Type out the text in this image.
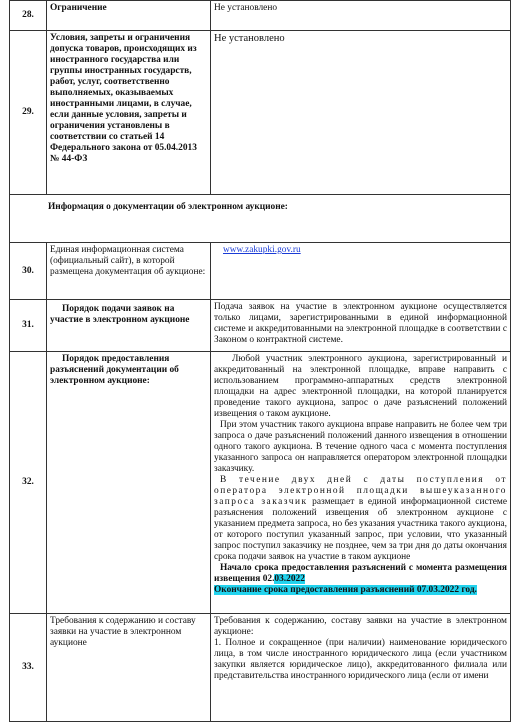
28.	Ограничение	Не установлено
29.	Условия, запреты и ограничения допуска товаров, происходящих из иностранного государства или группы иностранных государств, работ, услуг, соответственно выполняемых, оказываемых иностранными лицами, в случае, если данные условия, запреты и ограничения установлены в соответствии со статьей 14 Федерального закона от 05.04.2013 № 44-ФЗ	Не установлено
Информация о документации об электронном аукционе:		
30.	Единая информационная система (официальный сайт), в которой размещена документация об аукционе:	www.zakupki.gov.ru
31.	Порядок подачи заявок на участие в электронном аукционе	Подача заявок на участие в электронном аукционе осуществляется только лицами, зарегистрированными в единой информационной системе и аккредитованными на электронной площадке в соответствии с Законом о контрактной системе.
32.	Порядок предоставления разъяснений документации об электронном аукционе:	Любой участник электронного аукциона, зарегистрированный и аккредитованный на электронной площадке, вправе направить с использованием программно-аппаратных средств электронной площадки на адрес электронной площадки, на которой планируется проведение такого аукциона, запрос о даче разъяснений положений извещения о таком аукционе.

При этом участник такого аукциона вправе направить не более чем три запроса о даче разъяснений положений данного извещения в отношении одного такого аукциона. В течение одного часа с момента поступления указанного запроса он направляется оператором электронной площадки заказчику.

В течение двух дней с даты поступления от оператора электронной площадки вышеуказанного запроса заказчик размещает в единой информационной системе разъяснения положений извещения об электронном аукционе с указанием предмета запроса, но без указания участника такого аукциона, от которого поступил указанный запрос, при условии, что указанный запрос поступил заказчику не позднее, чем за три дня до даты окончания срока подачи заявок на участие в таком аукционе

Начало срока предоставления разъяснений с момента размещения извещения 02.03.2022

Окончание срока предоставления разъяснений 07.03.2022 год.

33.	Требования к содержанию и составу заявки на участие в электронном аукционе	Требования к содержанию, составу заявки на участие в электронном аукционе:

1. Полное и сокращенное (при наличии) наименование юридического лица, в том числе иностранного юридического лица (если участником закупки является юридическое лицо), аккредитованного филиала или представительства иностранного юридического лица (если от имени
